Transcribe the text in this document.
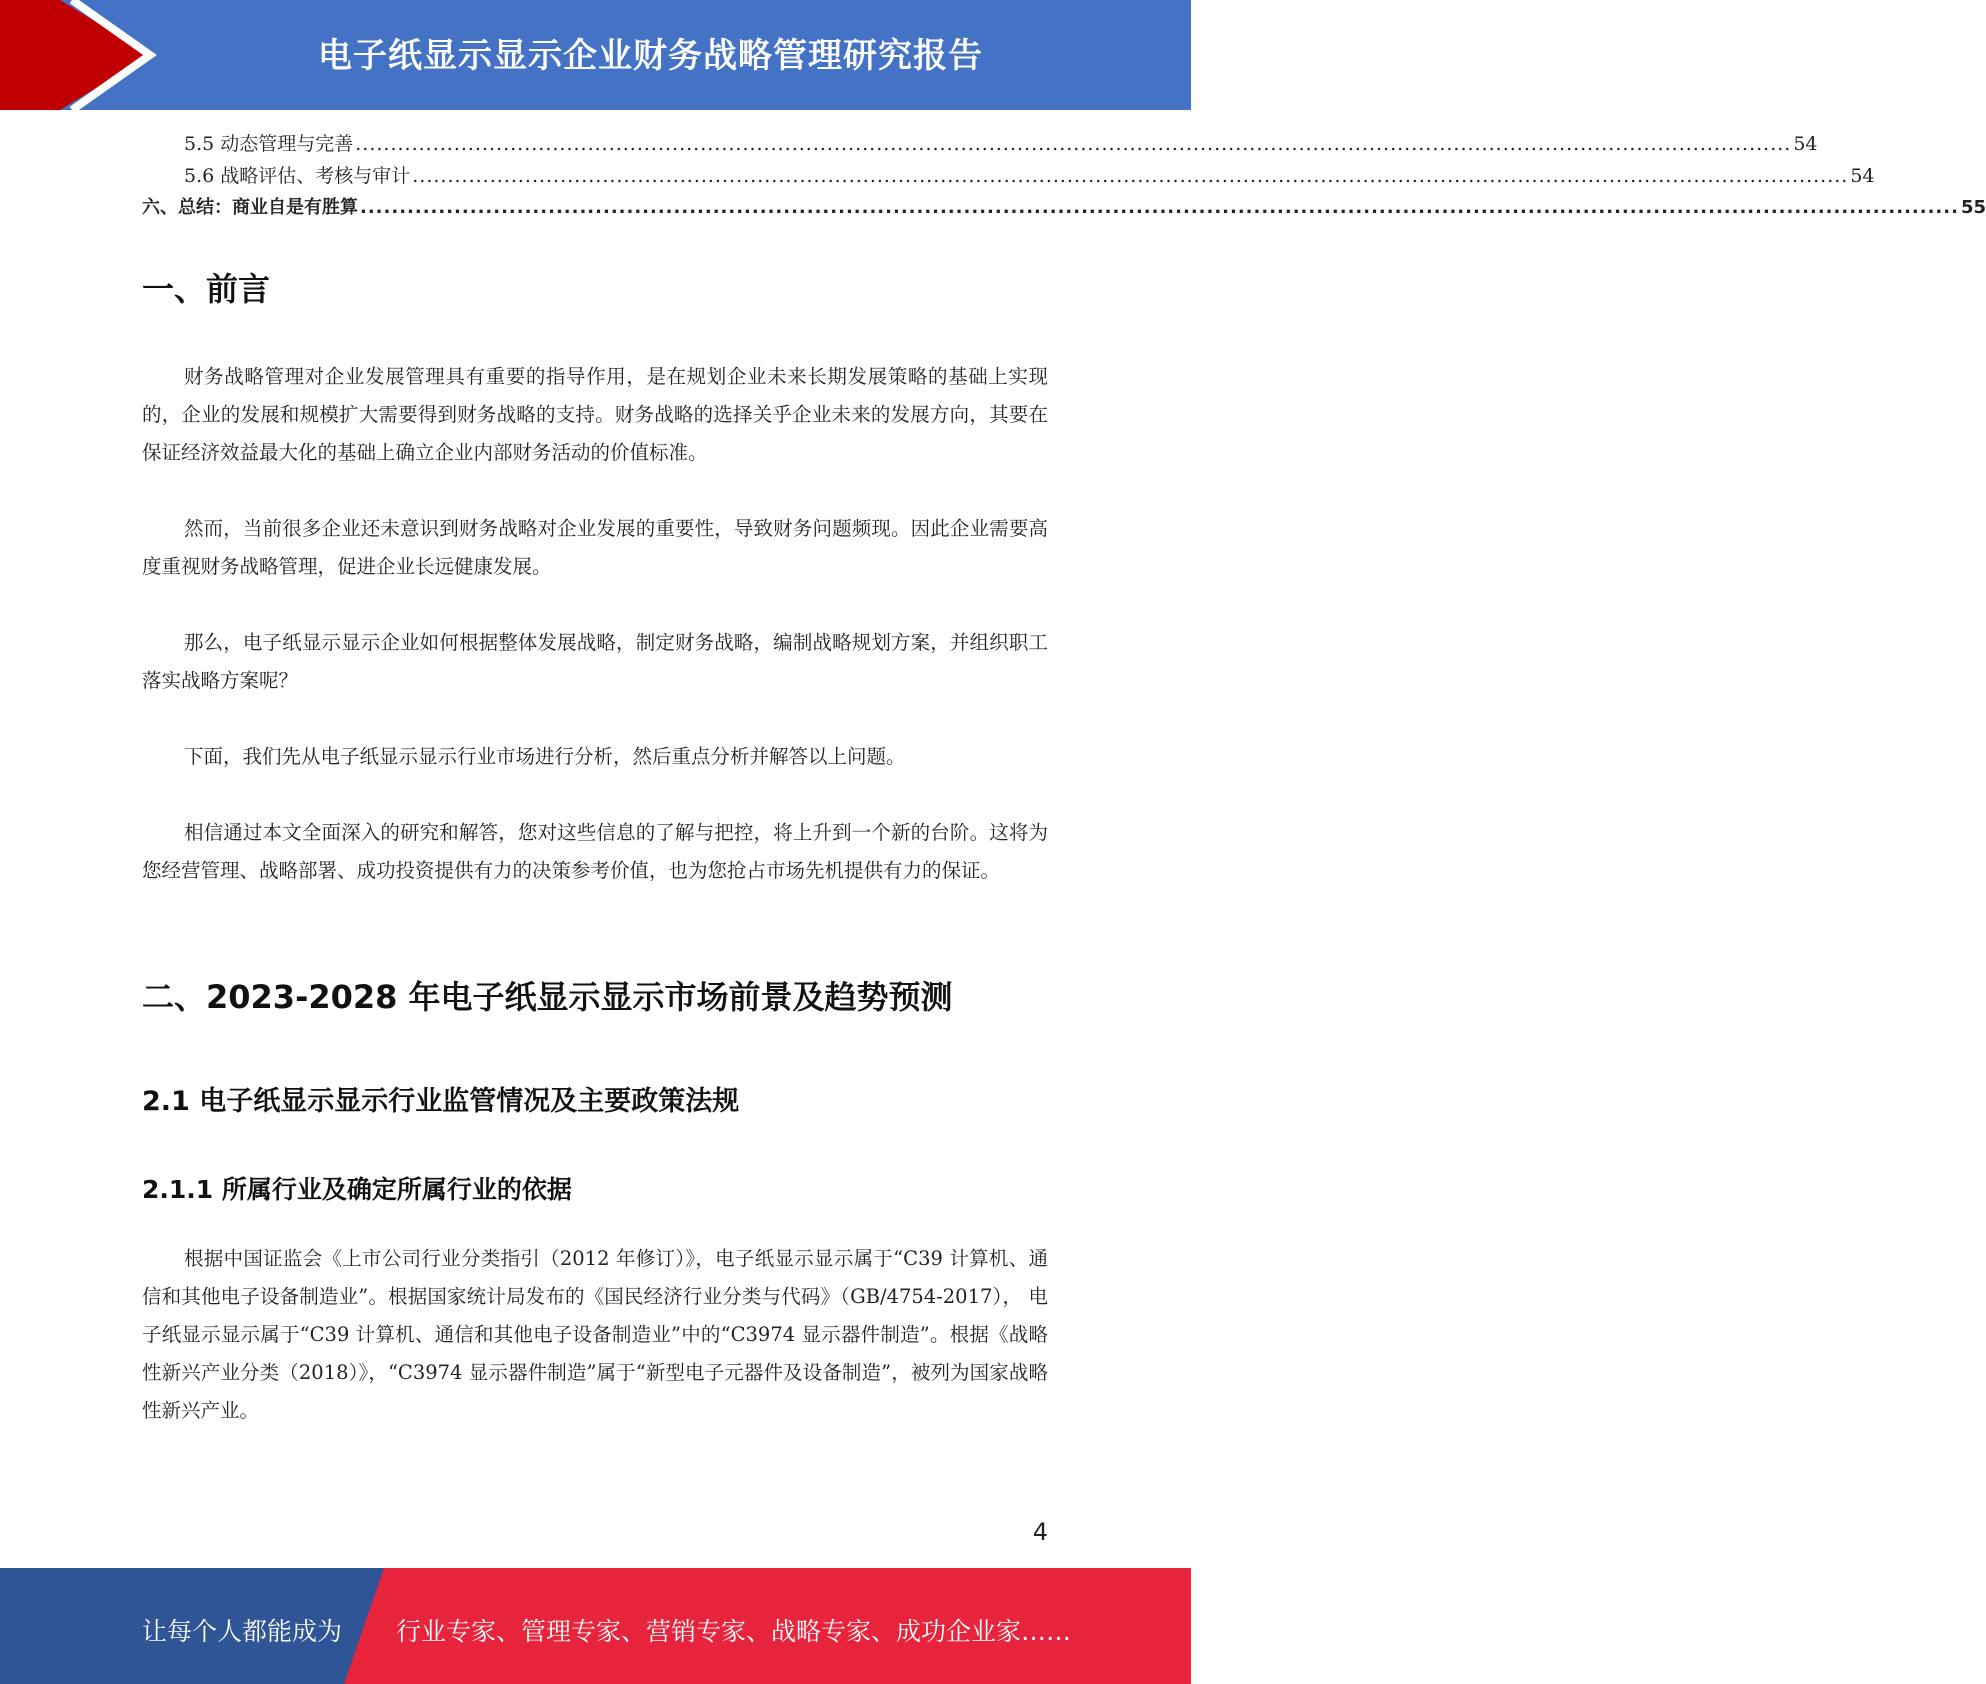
电子纸显示显示企业财务战略管理研究报告
5.5 动态管理与完善 ............................................................................................................................................................................................................ 54
5.6 战略评估、考核与审计 ............................................................................................................................................................................................................ 54
六、总结：商业自是有胜算 ............................................................................................................................................................................................................ 55
一、前言

财务战略管理对企业发展管理具有重要的指导作用，是在规划企业未来长期发展策略的基础上实现的，企业的发展和规模扩大需要得到财务战略的支持。财务战略的选择关乎企业未来的发展方向，其要在保证经济效益最大化的基础上确立企业内部财务活动的价值标准。

然而，当前很多企业还未意识到财务战略对企业发展的重要性，导致财务问题频现。因此企业需要高度重视财务战略管理，促进企业长远健康发展。

那么，电子纸显示显示企业如何根据整体发展战略，制定财务战略，编制战略规划方案，并组织职工落实战略方案呢？

下面，我们先从电子纸显示显示行业市场进行分析，然后重点分析并解答以上问题。

相信通过本文全面深入的研究和解答，您对这些信息的了解与把控，将上升到一个新的台阶。这将为您经营管理、战略部署、成功投资提供有力的决策参考价值，也为您抢占市场先机提供有力的保证。

二、2023-2028 年电子纸显示显示市场前景及趋势预测
2.1 电子纸显示显示行业监管情况及主要政策法规
2.1.1 所属行业及确定所属行业的依据

根据中国证监会《上市公司行业分类指引（2012 年修订）》，电子纸显示显示属于“C39 计算机、通信和其他电子设备制造业”。根据国家统计局发布的《国民经济行业分类与代码》（GB/4754-2017）， 电子纸显示显示属于“C39 计算机、通信和其他电子设备制造业”中的“C3974 显示器件制造”。根据《战略性新兴产业分类（2018）》，“C3974 显示器件制造”属于“新型电子元器件及设备制造”，被列为国家战略性新兴产业。

4
让每个人都能成为 行业专家、管理专家、营销专家、战略专家、成功企业家……
